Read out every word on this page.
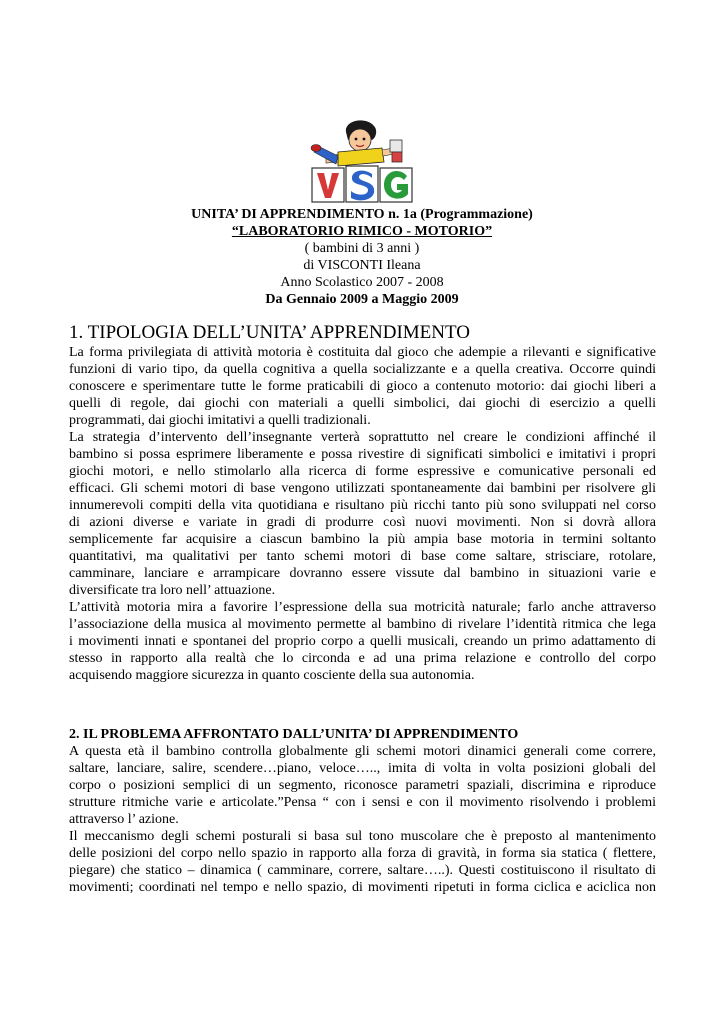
UNITA’ DI APPRENDIMENTO n. 1a (Programmazione)
“LABORATORIO RIMICO - MOTORIO”
( bambini di 3 anni )
di VISCONTI Ileana
Anno Scolastico 2007 - 2008
Da Gennaio 2009 a Maggio 2009
1. TIPOLOGIA DELL’UNITA’ APPRENDIMENTO
La forma privilegiata di attività motoria è costituita dal gioco che adempie a rilevanti e significative
funzioni di vario tipo, da quella cognitiva a quella socializzante e a quella creativa. Occorre quindi
conoscere e sperimentare tutte le forme praticabili di gioco a contenuto motorio: dai giochi liberi a
quelli di regole, dai giochi con materiali a quelli simbolici, dai giochi di esercizio a quelli
programmati, dai giochi imitativi a quelli tradizionali.
La strategia d’intervento dell’insegnante verterà soprattutto nel creare le condizioni affinché il
bambino si possa esprimere liberamente e possa rivestire di significati simbolici e imitativi i propri
giochi motori, e nello stimolarlo alla ricerca di forme espressive e comunicative personali ed
efficaci. Gli schemi motori di base vengono utilizzati spontaneamente dai bambini per risolvere gli
innumerevoli compiti della vita quotidiana e risultano più ricchi tanto più sono sviluppati nel corso
di azioni diverse e variate in gradi di produrre così nuovi movimenti. Non si dovrà allora
semplicemente far acquisire a ciascun bambino la più ampia base motoria in termini soltanto
quantitativi, ma qualitativi per tanto schemi motori di base come saltare, strisciare, rotolare,
camminare, lanciare e arrampicare dovranno essere vissute dal bambino in situazioni varie e
diversificate tra loro nell’ attuazione.
L’attività motoria mira a favorire l’espressione della sua motricità naturale; farlo anche attraverso
l’associazione della musica al movimento permette al bambino di rivelare l’identità ritmica che lega
i movimenti innati e spontanei del proprio corpo a quelli musicali, creando un primo adattamento di
stesso in rapporto alla realtà che lo circonda e ad una prima relazione e controllo del corpo
acquisendo maggiore sicurezza in quanto cosciente della sua autonomia.
2. IL PROBLEMA AFFRONTATO DALL’UNITA’ DI APPRENDIMENTO
A questa età il bambino controlla globalmente gli schemi motori dinamici generali come correre,
saltare, lanciare, salire, scendere…piano, veloce….., imita di volta in volta posizioni globali del
corpo o posizioni semplici di un segmento, riconosce parametri spaziali, discrimina e riproduce
strutture ritmiche varie e articolate.”Pensa “ con i sensi e con il movimento risolvendo i problemi
attraverso l’ azione.
Il meccanismo degli schemi posturali si basa sul tono muscolare che è preposto al mantenimento
delle posizioni del corpo nello spazio in rapporto alla forza di gravità, in forma sia statica ( flettere,
piegare) che statico – dinamica ( camminare, correre, saltare…..). Questi costituiscono il risultato di
movimenti; coordinati nel tempo e nello spazio, di movimenti ripetuti in forma ciclica e aciclica non
